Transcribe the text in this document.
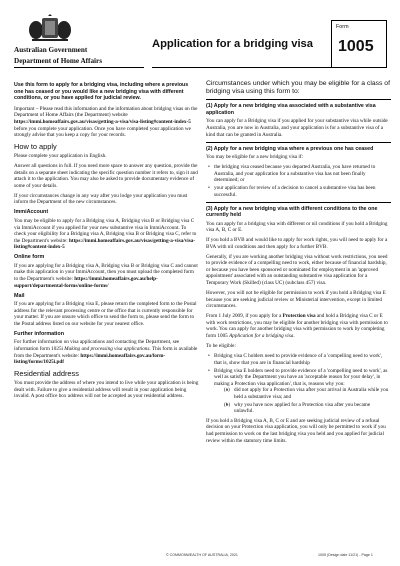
Australian Government
Department of Home Affairs
Application for a bridging visa
Form
1005

Use this form to apply for a bridging visa, including where a previous one has ceased or you would like a new bridging visa with different conditions, or you have applied for judicial review.

Important – Please read this information and the information about bridging visas on the Department of Home Affairs (the Department) website https://immi.homeaffairs.gov.au/visas/getting-a-visa/visa-listing#content-index-5 before you complete your application. Once you have completed your application we strongly advise that you keep a copy for your records.

How to apply

Please complete your application in English.

Answer all questions in full. If you need more space to answer any question, provide the details on a separate sheet indicating the specific question number it refers to, sign it and attach it to the application. You may also be asked to provide documentary evidence of some of your details.

If your circumstances change in any way after you lodge your application you must inform the Department of the new circumstances.

ImmiAccount

You may be eligible to apply for a Bridging visa A, Bridging visa B or Bridging visa C via ImmiAccount if you applied for your new substantive visa in ImmiAccount. To check your eligibility for a Bridging visa A, Bridging visa B or Bridging visa C, refer to the Department's website: https://immi.homeaffairs.gov.au/visas/getting-a-visa/visa-listing#content-index-5

Online form

If you are applying for a Bridging visa A, Bridging visa B or Bridging visa C and cannot make this application in your ImmiAccount, then you must upload the completed form to the Department's website: https://immi.homeaffairs.gov.au/help-support/departmental-forms/online-forms/

Mail

If you are applying for a Bridging visa E, please return the completed form to the Postal address for the relevant processing centre or the office that is currently responsible for your matter. If you are unsure which office to send the form to, please send the form to the Postal address listed on our website for your nearest office.

Further information

For further information on visa applications and contacting the Department, see information form 1025i Making and processing visa applications. This form is available from the Department's website: https://immi.homeaffairs.gov.au/form-listing/forms/1025i.pdf

Residential address

You must provide the address of where you intend to live while your application is being dealt with. Failure to give a residential address will result in your application being invalid. A post office box address will not be accepted as your residential address.

Circumstances under which you may be eligible for a class of bridging visa using this form to:
(1) Apply for a new bridging visa associated with a substantive visa application

You can apply for a Bridging visa if you applied for your substantive visa while outside Australia, you are now in Australia, and your application is for a substantive visa of a kind that can be granted in Australia.

(2) Apply for a new bridging visa where a previous one has ceased

You may be eligible for a new bridging visa if:

• the bridging visa ceased because you departed Australia, you have returned to Australia, and your application for a substantive visa has not been finally determined; or
• your application for review of a decision to cancel a substantive visa has been successful.
(3) Apply for a new bridging visa with different conditions to the one currently held

You can apply for a bridging visa with different or nil conditions if you hold a Bridging visa A, B, C or E.

If you hold a BVB and would like to apply for work rights, you will need to apply for a BVA with nil conditions and then apply for a further BVB.

Generally, if you are working another bridging visa without work restrictions, you need to provide evidence of a compelling need to work, either because of financial hardship, or because you have been sponsored or nominated for employment in an 'approved appointment' associated with an outstanding substantive visa application for a Temporary Work (Skilled) (class UC) (subclass 457) visa.

However, you will not be eligible for permission to work if you hold a Bridging visa E because you are seeking judicial review or Ministerial intervention, except in limited circumstances.

From 1 July 2009, if you apply for a Protection visa and hold a Bridging visa C or E with work restrictions, you may be eligible for another bridging visa with permission to work. You can apply for another bridging visa with permission to work by completing form 1005 Application for a bridging visa.

To be eligible:

• Bridging visa C holders need to provide evidence of a 'compelling need to work', that is, show that you are in financial hardship
• Bridging visa E holders need to provide evidence of a 'compelling need to work', as well as satisfy the Department you have an 'acceptable reason for your delay', in making a Protection visa application', that is, reasons why you:
• (a) did not apply for a Protection visa after your arrival in Australia while you held a substantive visa; and
• (b) why you have now applied for a Protection visa after you became unlawful.

If you hold a Bridging visa A, B, C or E and are seeking judicial review of a refusal decision on your Protection visa application, you will only be permitted to work if you had permission to work on the last bridging visa you held and you applied for judicial review within the statutory time limits.

© COMMONWEALTH OF AUSTRALIA, 2021	1005 (Design date 11/21) - Page 1
